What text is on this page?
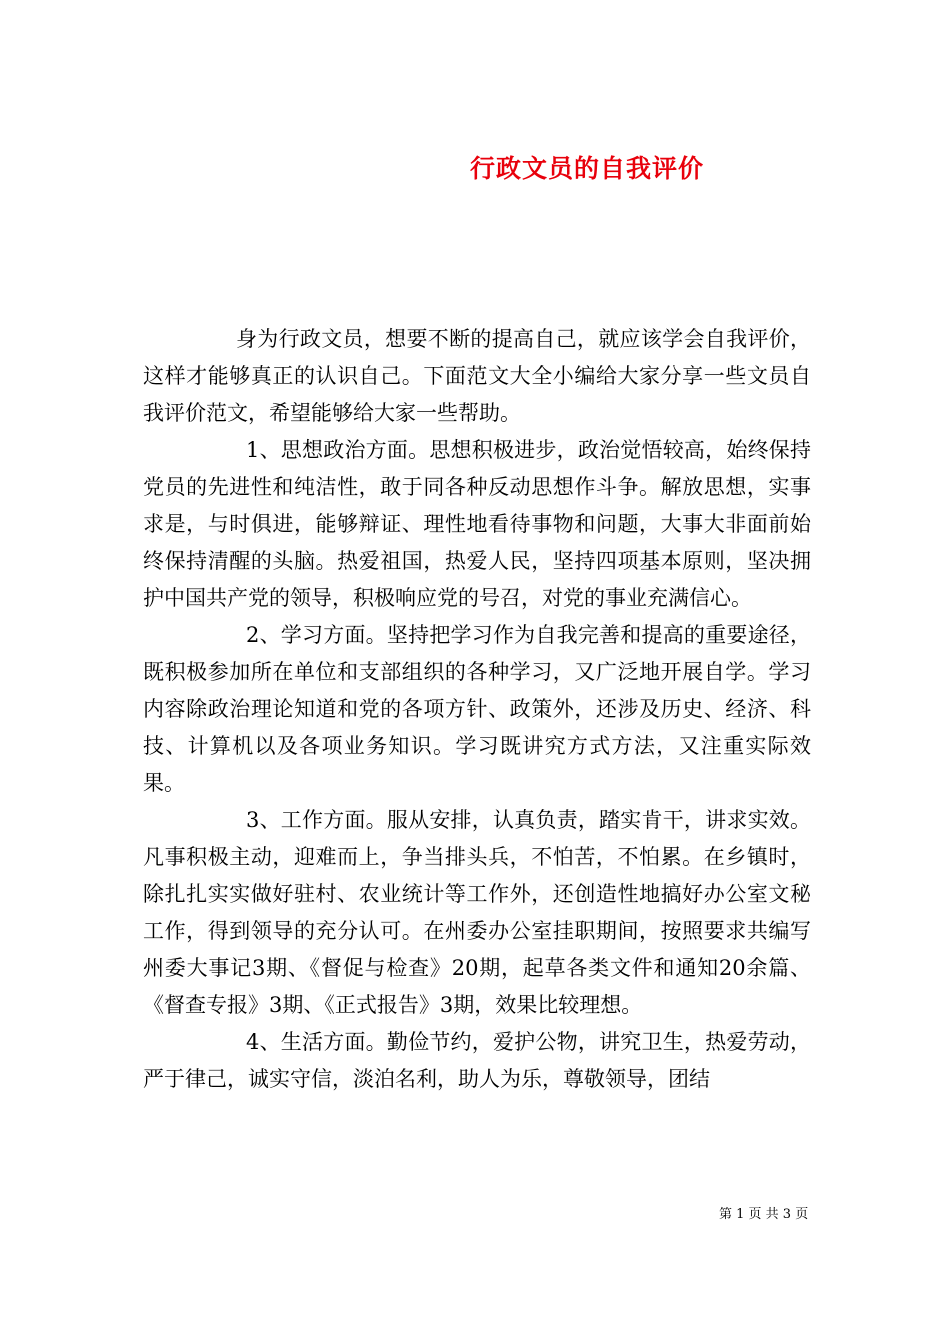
行政文员的自我评价

身为行政文员，想要不断的提高自己，就应该学会自我评价，这样才能够真正的认识自己。下面范文大全小编给大家分享一些文员自我评价范文，希望能够给大家一些帮助。

1、思想政治方面。思想积极进步，政治觉悟较高，始终保持党员的先进性和纯洁性，敢于同各种反动思想作斗争。解放思想，实事求是，与时俱进，能够辩证、理性地看待事物和问题，大事大非面前始终保持清醒的头脑。热爱祖国，热爱人民，坚持四项基本原则，坚决拥护中国共产党的领导，积极响应党的号召，对党的事业充满信心。

2、学习方面。坚持把学习作为自我完善和提高的重要途径，既积极参加所在单位和支部组织的各种学习，又广泛地开展自学。学习内容除政治理论知道和党的各项方针、政策外，还涉及历史、经济、科技、计算机以及各项业务知识。学习既讲究方式方法，又注重实际效果。

3、工作方面。服从安排，认真负责，踏实肯干，讲求实效。凡事积极主动，迎难而上，争当排头兵，不怕苦，不怕累。在乡镇时，除扎扎实实做好驻村、农业统计等工作外，还创造性地搞好办公室文秘工作，得到领导的充分认可。在州委办公室挂职期间，按照要求共编写州委大事记3期、《督促与检查》20期，起草各类文件和通知20余篇、《督查专报》3期、《正式报告》3期，效果比较理想。

4、生活方面。勤俭节约，爱护公物，讲究卫生，热爱劳动，严于律己，诚实守信，淡泊名利，助人为乐，尊敬领导，团结

第 1 页 共 3 页
